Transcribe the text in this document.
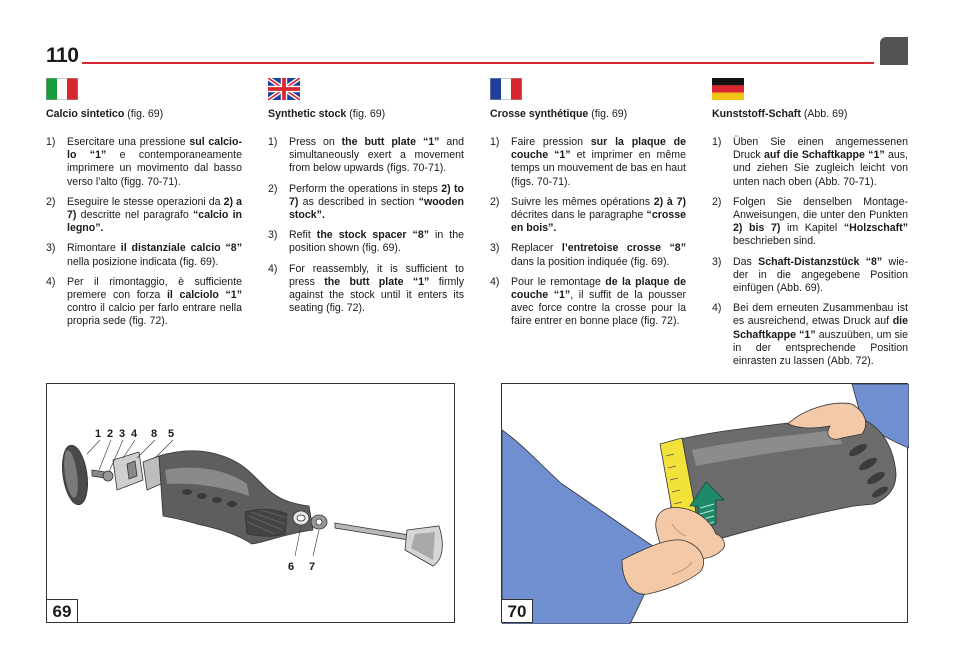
110
Calcio sintetico (fig. 69)
1) Esercitare una pressione sul calciolo “1” e contemporaneamente imprimere un movimento dal basso verso l’alto (figg. 70-71).
2) Eseguire le stesse operazioni da 2) a 7) descritte nel paragrafo “calcio in legno”.
3) Rimontare il distanziale calcio “8” nella posizione indicata (fig. 69).
4) Per il rimontaggio, è sufficiente premere con forza il calciolo “1” contro il calcio per farlo entrare nella propria sede (fig. 72).
Synthetic stock (fig. 69)
1) Press on the butt plate “1” and simultaneously exert a movement from below upwards (figs. 70-71).
2) Perform the operations in steps 2) to 7) as described in section “wooden stock”.
3) Refit the stock spacer “8” in the position shown (fig. 69).
4) For reassembly, it is sufficient to press the butt plate “1” firmly against the stock until it enters its seating (fig. 72).
Crosse synthétique (fig. 69)
1) Faire pression sur la plaque de couche “1” et imprimer en même temps un mouvement de bas en haut (figs. 70-71).
2) Suivre les mêmes opérations 2) à 7) décrites dans le paragraphe “crosse en bois”.
3) Replacer l’entretoise crosse “8” dans la position indiquée (fig. 69).
4) Pour le remontage de la plaque de couche “1”, il suffit de la pousser avec force contre la crosse pour la faire entrer en bonne place (fig. 72).
Kunststoff-Schaft (Abb. 69)
1) Üben Sie einen angemessenen Druck auf die Schaftkappe “1” aus, und ziehen Sie zugleich leicht von unten nach oben (Abb. 70-71).
2) Folgen Sie denselben Montage-Anweisungen, die unter den Punkten 2) bis 7) im Kapitel “Holzschaft” beschrieben sind.
3) Das Schaft-Distanzstück “8” wieder in die angegebene Position einfügen (Abb. 69).
4) Bei dem erneuten Zusammenbau ist es ausreichend, etwas Druck auf die Schaftkappe “1” auszuüben, um sie in der entsprechende Position einrasten zu lassen (Abb. 72).
1 2 3 4 8 5
6 7
69	70
